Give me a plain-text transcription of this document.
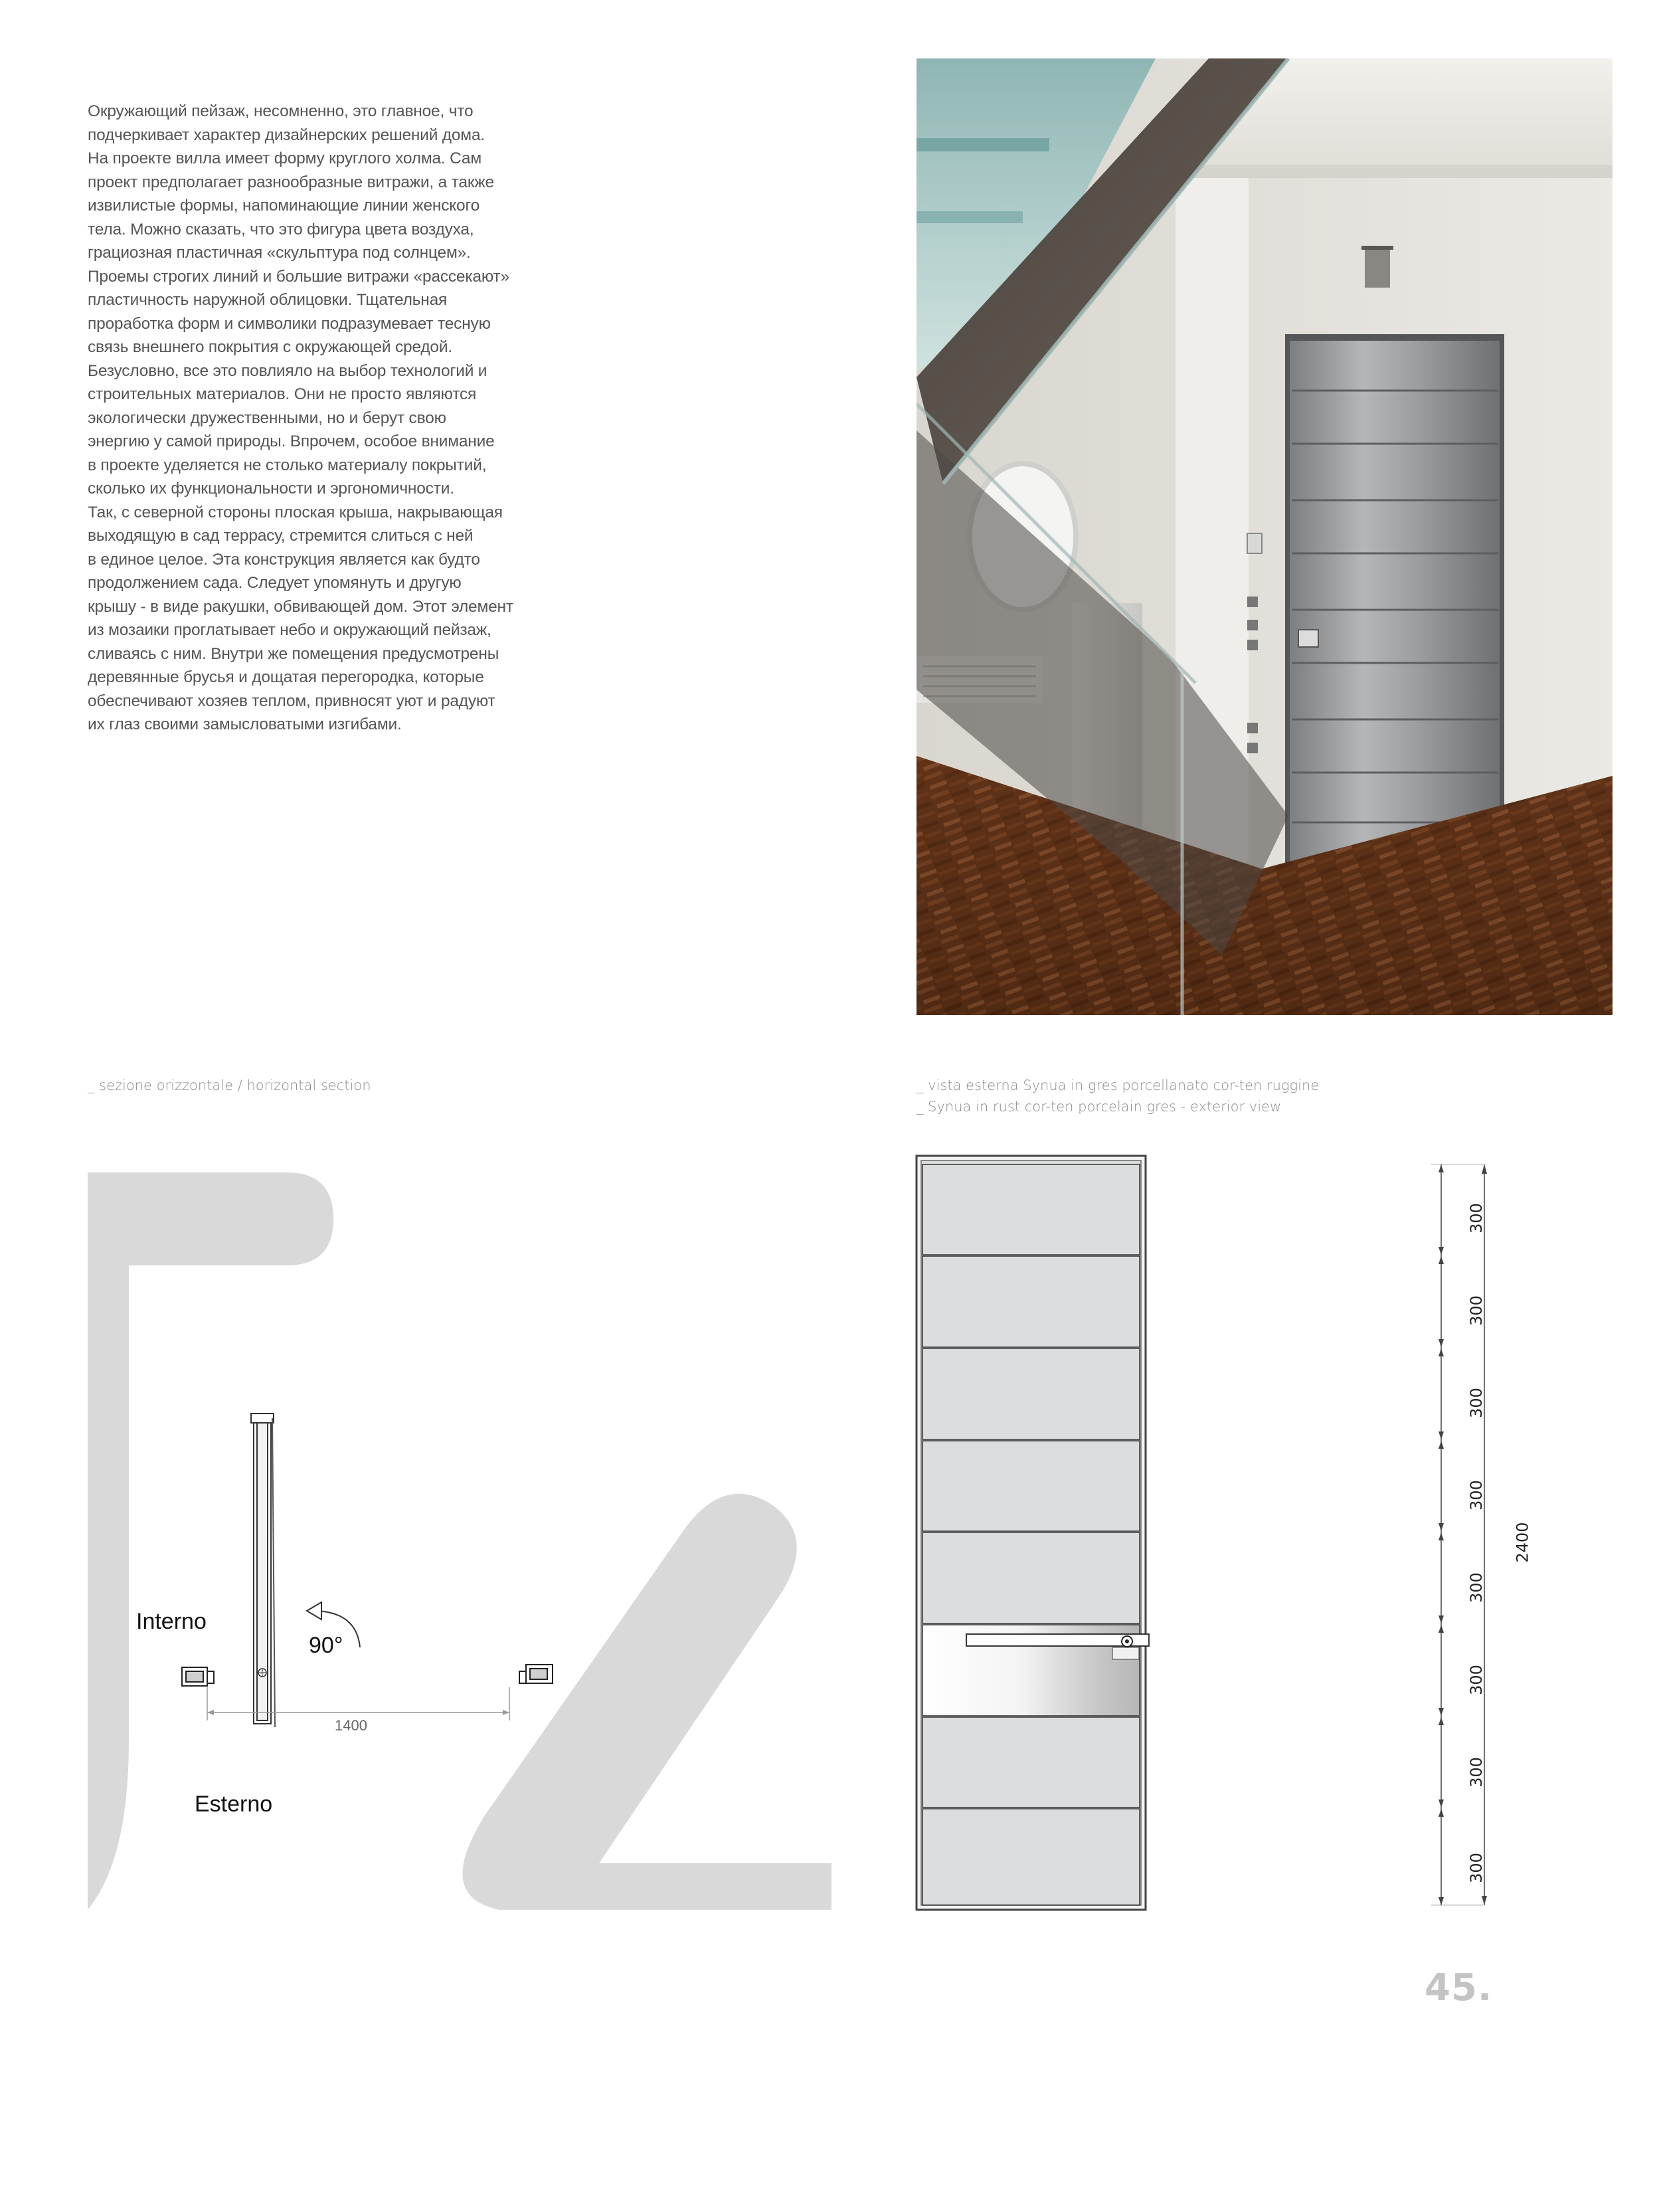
Окружающий пейзаж, несомненно, это главное, что
подчеркивает характер дизайнерских решений дома.
На проекте вилла имеет форму круглого холма. Сам
проект предполагает разнообразные витражи, а также
извилистые формы, напоминающие линии женского
тела. Можно сказать, что это фигура цвета воздуха,
грациозная пластичная «скульптура под солнцем».
Проемы строгих линий и большие витражи «рассекают»
пластичность наружной облицовки. Тщательная
проработка форм и символики подразумевает тесную
связь внешнего покрытия с окружающей средой.
Безусловно, все это повлияло на выбор технологий и
строительных материалов. Они не просто являются
экологически дружественными, но и берут свою
энергию у самой природы. Впрочем, особое внимание
в проекте уделяется не столько материалу покрытий,
сколько их функциональности и эргономичности.
Так, с северной стороны плоская крыша, накрывающая
выходящую в сад террасу, стремится слиться с ней
в единое целое. Эта конструкция является как будто
продолжением сада. Следует упомянуть и другую
крышу - в виде ракушки, обвивающей дом. Этот элемент
из мозаики проглатывает небо и окружающий пейзаж,
сливаясь с ним. Внутри же помещения предусмотрены
деревянные брусья и дощатая перегородка, которые
обеспечивают хозяев теплом, привносят уют и радуют
их глаз своими замысловатыми изгибами.
_ sezione orizzontale / horizontal section	_ vista esterna Synua in gres porcellanato cor-ten ruggine
_ Synua in rust cor-ten porcelain gres - exterior view
Interno
90°
1400
Esterno
300
300
300
300
300
300
300
300
2400
45.
